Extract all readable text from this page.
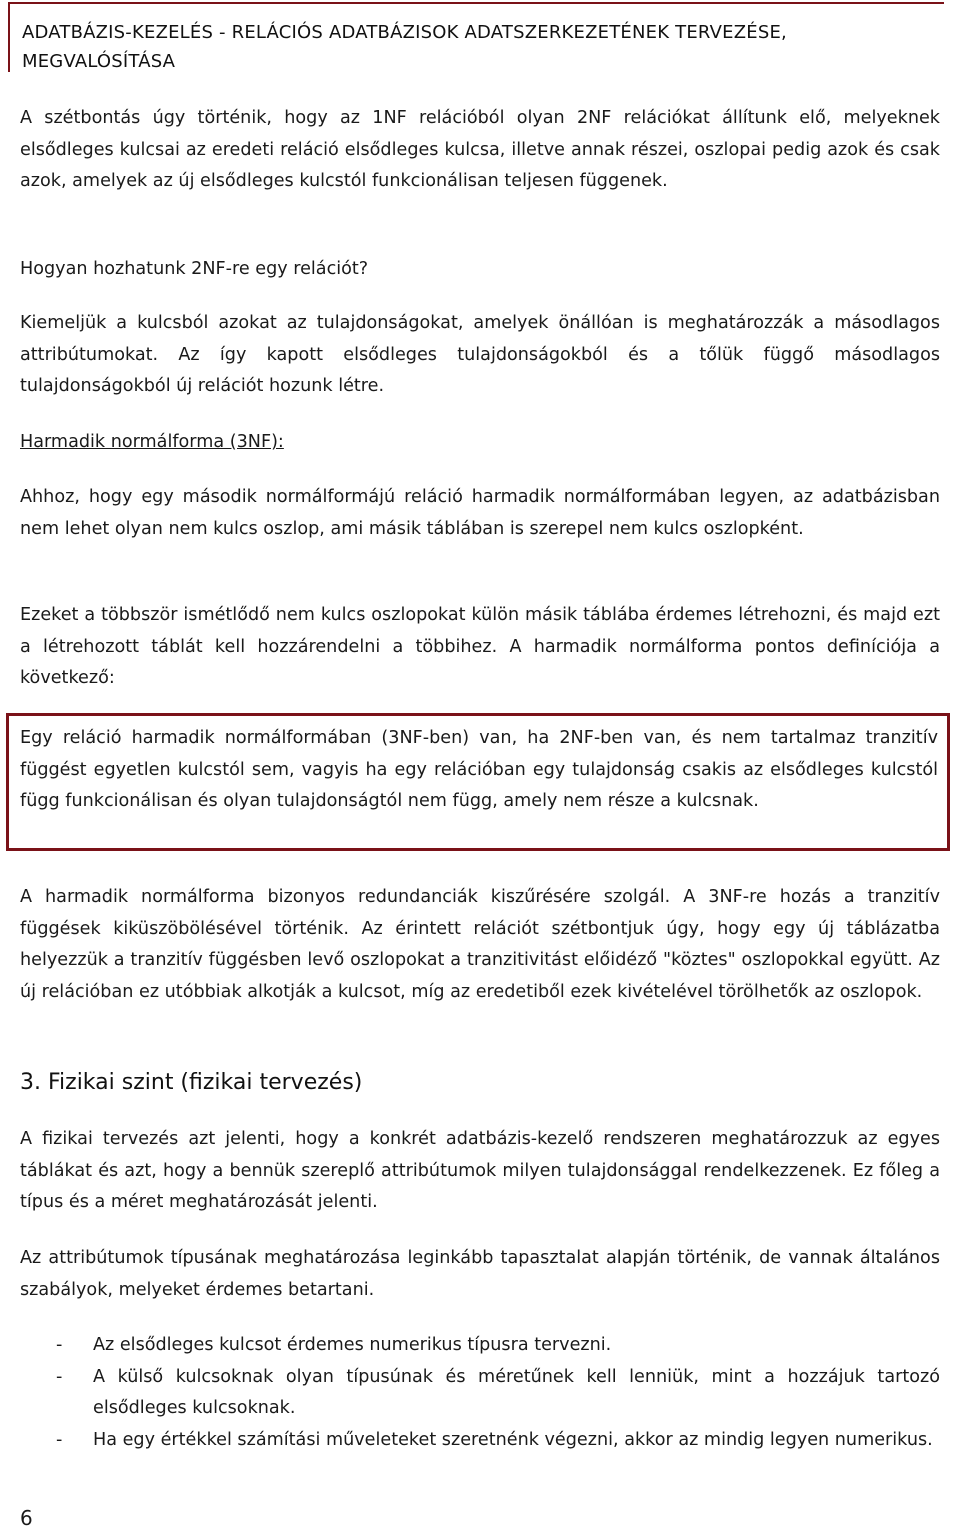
ADATBÁZIS-KEZELÉS - RELÁCIÓS ADATBÁZISOK ADATSZERKEZETÉNEK TERVEZÉSE, MEGVALÓSÍTÁSA
A szétbontás úgy történik, hogy az 1NF relációból olyan 2NF relációkat állítunk elő, melyeknek elsődleges kulcsai az eredeti reláció elsődleges kulcsa, illetve annak részei, oszlopai pedig azok és csak azok, amelyek az új elsődleges kulcstól funkcionálisan teljesen függenek.
Hogyan hozhatunk 2NF-re egy relációt?
Kiemeljük a kulcsból azokat az tulajdonságokat, amelyek önállóan is meghatározzák a másodlagos attribútumokat. Az így kapott elsődleges tulajdonságokból és a tőlük függő másodlagos tulajdonságokból új relációt hozunk létre.
Harmadik normálforma (3NF):
Ahhoz, hogy egy második normálformájú reláció harmadik normálformában legyen, az adatbázisban nem lehet olyan nem kulcs oszlop, ami másik táblában is szerepel nem kulcs oszlopként.
Ezeket a többször ismétlődő nem kulcs oszlopokat külön másik táblába érdemes létrehozni, és majd ezt a létrehozott táblát kell hozzárendelni a többihez. A harmadik normálforma pontos definíciója a következő:
Egy reláció harmadik normálformában (3NF-ben) van, ha 2NF-ben van, és nem tartalmaz tranzitív függést egyetlen kulcstól sem, vagyis ha egy relációban egy tulajdonság csakis az elsődleges kulcstól függ funkcionálisan és olyan tulajdonságtól nem függ, amely nem része a kulcsnak.
A harmadik normálforma bizonyos redundanciák kiszűrésére szolgál. A 3NF-re hozás a tranzitív függések kiküszöbölésével történik. Az érintett relációt szétbontjuk úgy, hogy egy új táblázatba helyezzük a tranzitív függésben levő oszlopokat a tranzitivitást előidéző "köztes" oszlopokkal együtt. Az új relációban ez utóbbiak alkotják a kulcsot, míg az eredetiből ezek kivételével törölhetők az oszlopok.
3. Fizikai szint (fizikai tervezés)
A fizikai tervezés azt jelenti, hogy a konkrét adatbázis-kezelő rendszeren meghatározzuk az egyes táblákat és azt, hogy a bennük szereplő attribútumok milyen tulajdonsággal rendelkezzenek. Ez főleg a típus és a méret meghatározását jelenti.
Az attribútumok típusának meghatározása leginkább tapasztalat alapján történik, de vannak általános szabályok, melyeket érdemes betartani.
- Az elsődleges kulcsot érdemes numerikus típusra tervezni.
- A külső kulcsoknak olyan típusúnak és méretűnek kell lenniük, mint a hozzájuk tartozó elsődleges kulcsoknak.
- Ha egy értékkel számítási műveleteket szeretnénk végezni, akkor az mindig legyen numerikus.
6
